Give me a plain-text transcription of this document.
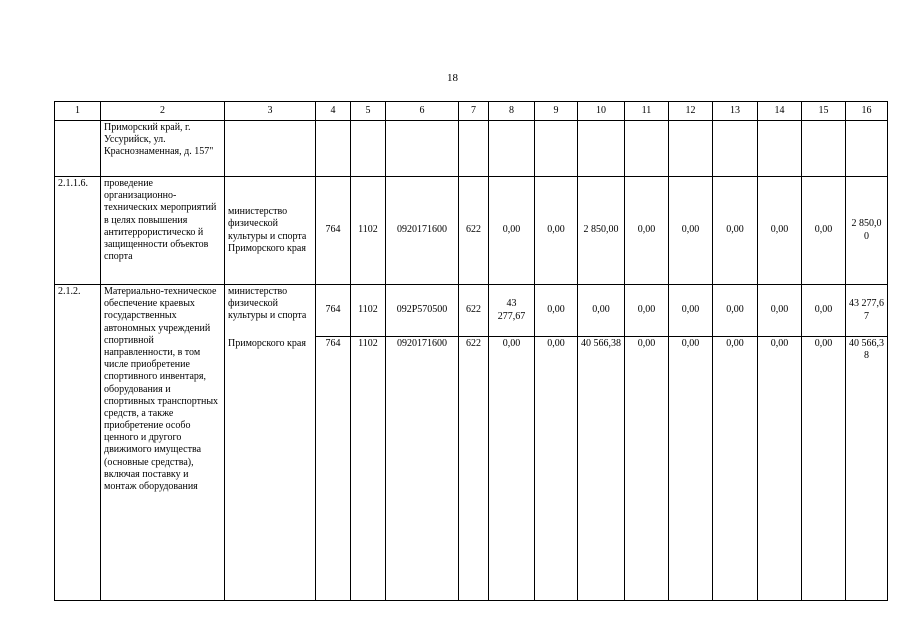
18
1	2	3	4	5	6	7	8	9	10	11	12	13	14	15	16
	Приморский край, г. Уссурийск, ул. Краснознаменная, д. 157"														
2.1.1.6.	проведение организационно-технических мероприятий в целях повышения антитеррористическо й защищенности объектов спорта	министерство физической культуры и спорта Приморского края	764	1102	0920171600	622	0,00	0,00	2 850,00	0,00	0,00	0,00	0,00	0,00	2 850,0 0
2.1.2.	Материально-техническое обеспечение краевых государственных автономных учреждений спортивной направленности, в том числе приобретение спортивного инвентаря, оборудования и спортивных транспортных средств, а также приобретение особо ценного и другого движимого имущества (основные средства), включая поставку и монтаж оборудования	министерство физической культуры и спорта	764	1102	092P570500	622	43 277,67	0,00	0,00	0,00	0,00	0,00	0,00	0,00	43 277,6 7
		Приморского края	764	1102	0920171600	622	0,00	0,00	40 566,38	0,00	0,00	0,00	0,00	0,00	40 566,3 8
